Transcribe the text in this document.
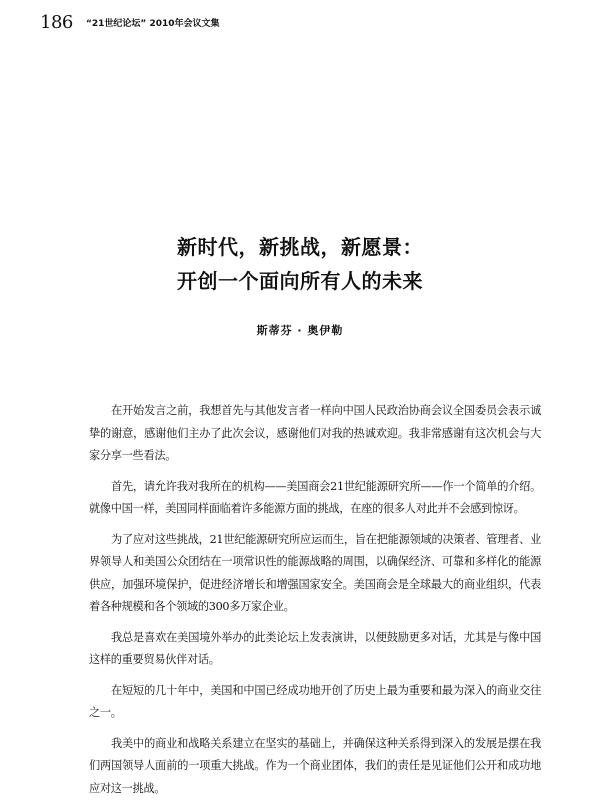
186 “21世纪论坛” 2010年会议文集
新时代，新挑战，新愿景：
开创一个面向所有人的未来
斯蒂芬 · 奥伊勒

在开始发言之前，我想首先与其他发言者一样向中国人民政治协商会议全国委员会表示诚挚的谢意，感谢他们主办了此次会议，感谢他们对我的热诚欢迎。我非常感谢有这次机会与大家分享一些看法。

首先，请允许我对我所在的机构——美国商会21世纪能源研究所——作一个简单的介绍。就像中国一样，美国同样面临着许多能源方面的挑战，在座的很多人对此并不会感到惊讶。

为了应对这些挑战，21世纪能源研究所应运而生，旨在把能源领域的决策者、管理者、业界领导人和美国公众团结在一项常识性的能源战略的周围，以确保经济、可靠和多样化的能源供应，加强环境保护，促进经济增长和增强国家安全。美国商会是全球最大的商业组织，代表着各种规模和各个领域的300多万家企业。

我总是喜欢在美国境外举办的此类论坛上发表演讲，以便鼓励更多对话，尤其是与像中国这样的重要贸易伙伴对话。

在短短的几十年中，美国和中国已经成功地开创了历史上最为重要和最为深入的商业交往之一。

我美中的商业和战略关系建立在坚实的基础上，并确保这种关系得到深入的发展是摆在我们两国领导人面前的一项重大挑战。作为一个商业团体，我们的责任是见证他们公开和成功地应对这一挑战。
